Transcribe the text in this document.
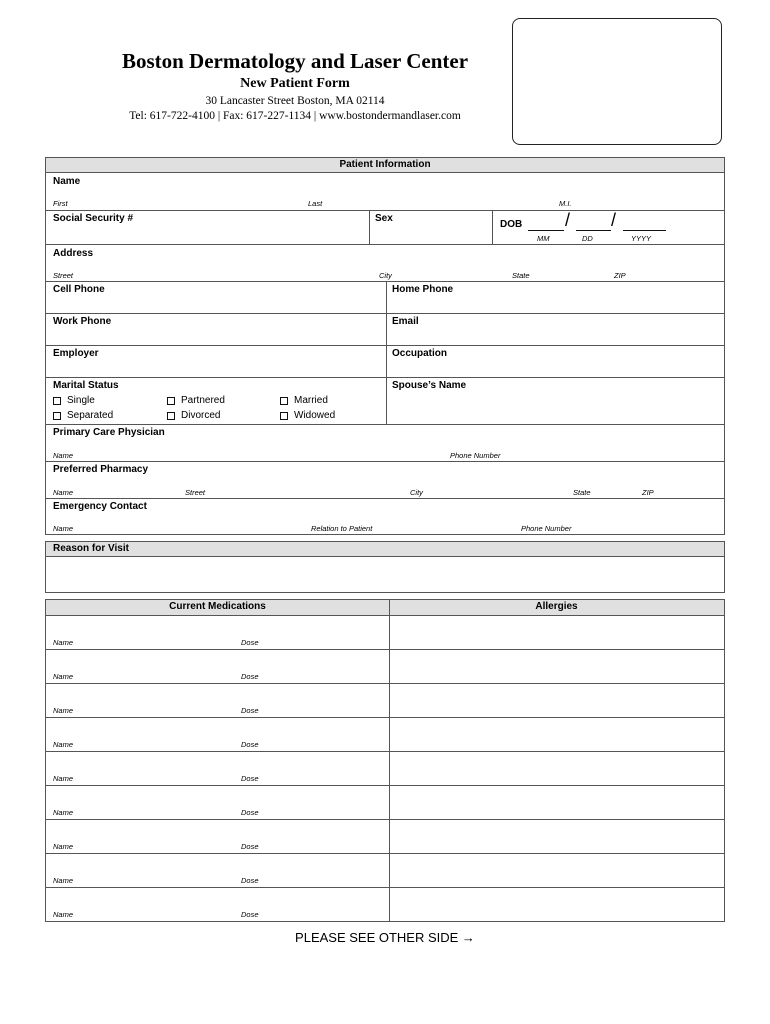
Boston Dermatology and Laser Center
New Patient Form
30 Lancaster Street Boston, MA 02114
Tel: 617-722-4100 | Fax: 617-227-1134 | www.bostondermandlaser.com
Patient Information
Name
First	Last	M.I.
Social Security #	Sex
DOB / /
MM	DD	YYYY
Address
Street	City	State	ZIP
Cell Phone	Home Phone
Work Phone	Email
Employer	Occupation
Marital Status
Single	Partnered	Married
Separated	Divorced	Widowed
Spouse’s Name
Primary Care Physician
Name	Phone Number
Preferred Pharmacy
Name	Street	City	State	ZIP
Emergency Contact
Name	Relation to Patient	Phone Number
Reason for Visit
Current Medications	Allergies
Name	Dose
Name	Dose
Name	Dose
Name	Dose
Name	Dose
Name	Dose
Name	Dose
Name	Dose
Name	Dose
PLEASE SEE OTHER SIDE →
